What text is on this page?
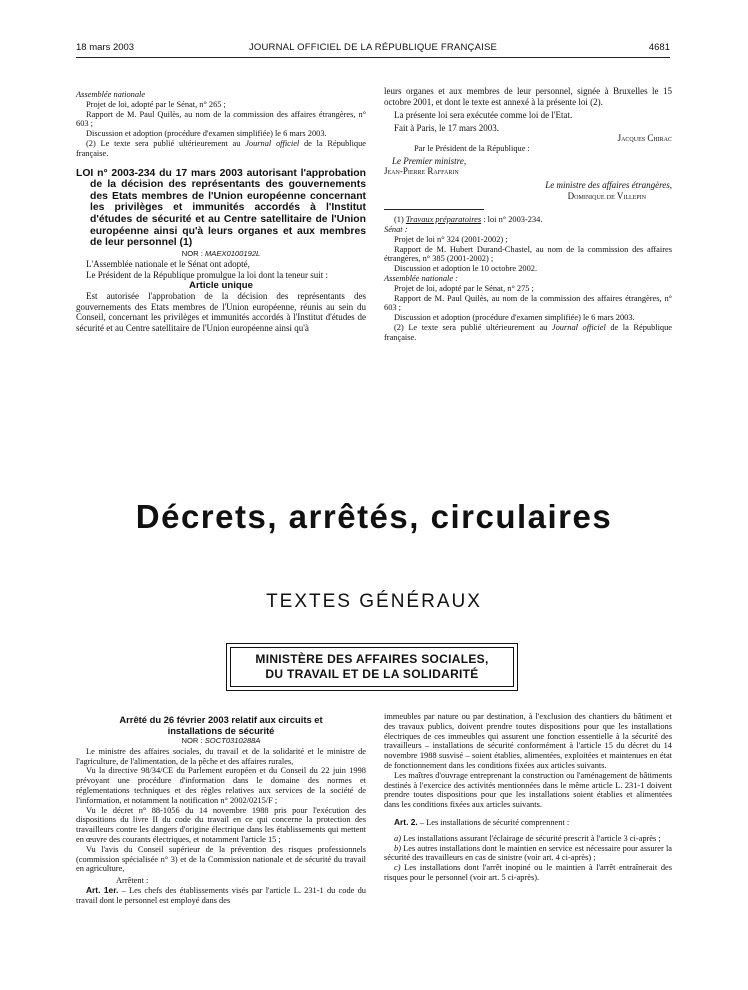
18 mars 2003	JOURNAL OFFICIEL DE LA RÉPUBLIQUE FRANÇAISE	4681

Assemblée nationale

Projet de loi, adopté par le Sénat, n° 265 ;

Rapport de M. Paul Quilès, au nom de la commission des affaires étrangères, n° 603 ;

Discussion et adoption (procédure d'examen simplifiée) le 6 mars 2003.

(2) Le texte sera publié ultérieurement au Journal officiel de la République française.

LOI n° 2003-234 du 17 mars 2003 autorisant l'approbation de la décision des représentants des gouvernements des Etats membres de l'Union européenne concernant les privilèges et immunités accordés à l'Institut d'études de sécurité et au Centre satellitaire de l'Union européenne ainsi qu'à leurs organes et aux membres de leur personnel (1)

NOR : MAEX0100192L

L'Assemblée nationale et le Sénat ont adopté,

Le Président de la République promulgue la loi dont la teneur suit :

Article unique

Est autorisée l'approbation de la décision des représentants des gouvernements des Etats membres de l'Union européenne, réunis au sein du Conseil, concernant les privilèges et immunités accordés à l'Institut d'études de sécurité et au Centre satellitaire de l'Union européenne ainsi qu'à

leurs organes et aux membres de leur personnel, signée à Bruxelles le 15 octobre 2001, et dont le texte est annexé à la présente loi (2).

La présente loi sera exécutée comme loi de l'Etat.

Fait à Paris, le 17 mars 2003.

Jacques Chirac

Par le Président de la République :

Le Premier ministre,

Jean-Pierre Raffarin

Le ministre des affaires étrangères,

Dominique de Villepin

(1) Travaux préparatoires : loi n° 2003-234.

Sénat :

Projet de loi n° 324 (2001-2002) ;

Rapport de M. Hubert Durand-Chastel, au nom de la commission des affaires étrangères, n° 385 (2001-2002) ;

Discussion et adoption le 10 octobre 2002.

Assemblée nationale :

Projet de loi, adopté par le Sénat, n° 275 ;

Rapport de M. Paul Quilès, au nom de la commission des affaires étrangères, n° 603 ;

Discussion et adoption (procédure d'examen simplifiée) le 6 mars 2003.

(2) Le texte sera publié ultérieurement au Journal officiel de la République française.

Décrets, arrêtés, circulaires
TEXTES GÉNÉRAUX
MINISTÈRE DES AFFAIRES SOCIALES,
DU TRAVAIL ET DE LA SOLIDARITÉ

Arrêté du 26 février 2003 relatif aux circuits et installations de sécurité

NOR : SOCT0310288A

Le ministre des affaires sociales, du travail et de la solidarité et le ministre de l'agriculture, de l'alimentation, de la pêche et des affaires rurales,

Vu la directive 98/34/CE du Parlement européen et du Conseil du 22 juin 1998 prévoyant une procédure d'information dans le domaine des normes et réglementations techniques et des règles relatives aux services de la société de l'information, et notamment la notification n° 2002/0215/F ;

Vu le décret n° 88-1056 du 14 novembre 1988 pris pour l'exécution des dispositions du livre II du code du travail en ce qui concerne la protection des travailleurs contre les dangers d'origine électrique dans les établissements qui mettent en œuvre des courants électriques, et notamment l'article 15 ;

Vu l'avis du Conseil supérieur de la prévention des risques professionnels (commission spécialisée n° 3) et de la Commission nationale et de sécurité du travail en agriculture,

Arrêtent :

Art. 1er. – Les chefs des établissements visés par l'article L. 231-1 du code du travail dont le personnel est employé dans des

immeubles par nature ou par destination, à l'exclusion des chantiers du bâtiment et des travaux publics, doivent prendre toutes dispositions pour que les installations électriques de ces immeubles qui assurent une fonction essentielle à la sécurité des travailleurs – installations de sécurité conformément à l'article 15 du décret du 14 novembre 1988 susvisé – soient établies, alimentées, exploitées et maintenues en état de fonctionnement dans les conditions fixées aux articles suivants.

Les maîtres d'ouvrage entreprenant la construction ou l'aménagement de bâtiments destinés à l'exercice des activités mentionnées dans le même article L. 231-1 doivent prendre toutes dispositions pour que les installations soient établies et alimentées dans les conditions fixées aux articles suivants.

Art. 2. – Les installations de sécurité comprennent :

a) Les installations assurant l'éclairage de sécurité prescrit à l'article 3 ci-après ;

b) Les autres installations dont le maintien en service est nécessaire pour assurer la sécurité des travailleurs en cas de sinistre (voir art. 4 ci-après) ;

c) Les installations dont l'arrêt inopiné ou le maintien à l'arrêt entraînerait des risques pour le personnel (voir art. 5 ci-après).
